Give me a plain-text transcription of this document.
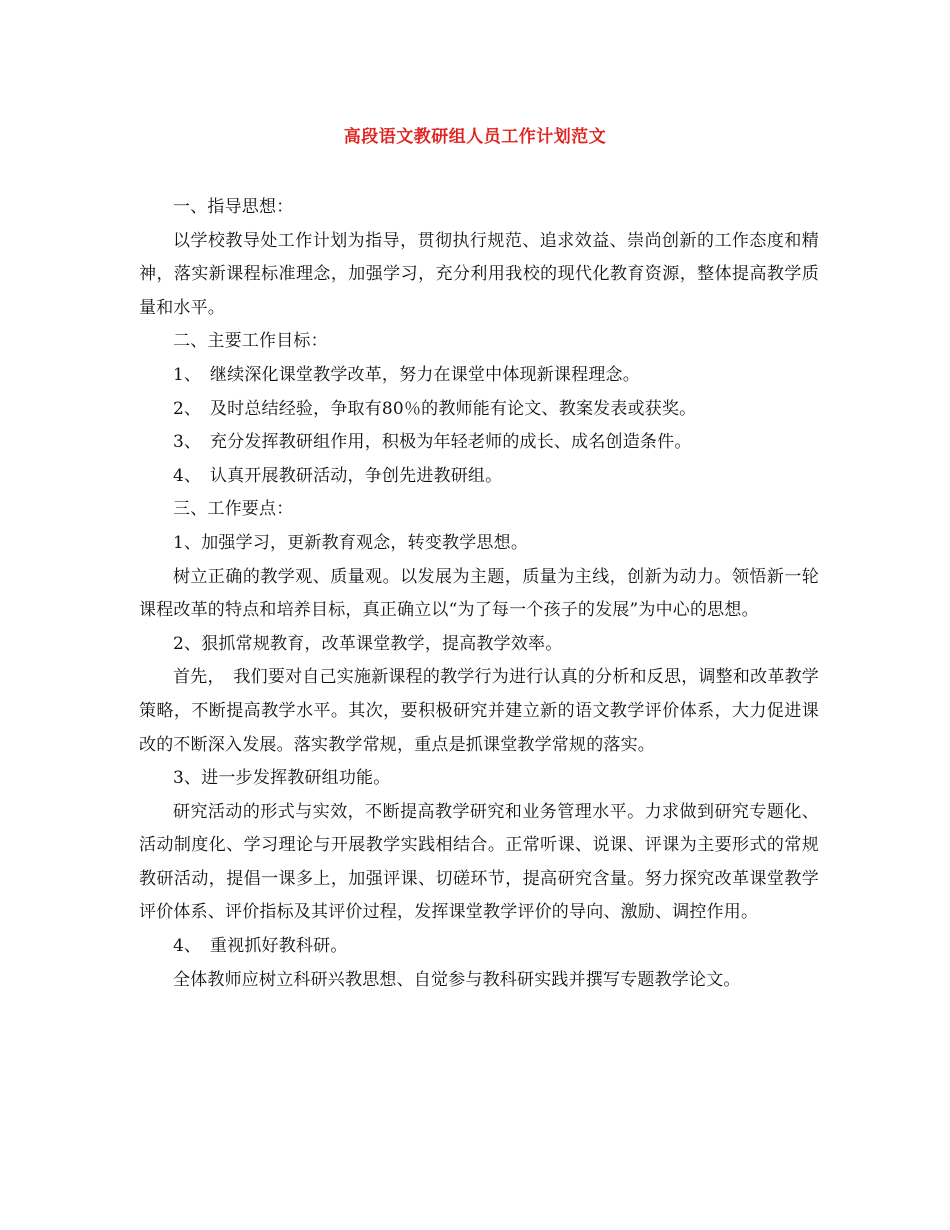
高段语文教研组人员工作计划范文

一、指导思想：

以学校教导处工作计划为指导，贯彻执行规范、追求效益、崇尚创新的工作态度和精神，落实新课程标准理念，加强学习，充分利用我校的现代化教育资源，整体提高教学质量和水平。

二、主要工作目标：

1、　继续深化课堂教学改革，努力在课堂中体现新课程理念。

2、　及时总结经验，争取有80％的教师能有论文、教案发表或获奖。

3、　充分发挥教研组作用，积极为年轻老师的成长、成名创造条件。

4、　认真开展教研活动，争创先进教研组。

三、工作要点：

1、加强学习，更新教育观念，转变教学思想。

树立正确的教学观、质量观。以发展为主题，质量为主线，创新为动力。领悟新一轮课程改革的特点和培养目标，真正确立以“为了每一个孩子的发展”为中心的思想。

2、狠抓常规教育，改革课堂教学，提高教学效率。

首先，　我们要对自己实施新课程的教学行为进行认真的分析和反思，调整和改革教学策略，不断提高教学水平。其次，要积极研究并建立新的语文教学评价体系，大力促进课改的不断深入发展。落实教学常规，重点是抓课堂教学常规的落实。

3、进一步发挥教研组功能。

研究活动的形式与实效，不断提高教学研究和业务管理水平。力求做到研究专题化、活动制度化、学习理论与开展教学实践相结合。正常听课、说课、评课为主要形式的常规教研活动，提倡一课多上，加强评课、切磋环节，提高研究含量。努力探究改革课堂教学评价体系、评价指标及其评价过程，发挥课堂教学评价的导向、激励、调控作用。

4、　重视抓好教科研。

全体教师应树立科研兴教思想、自觉参与教科研实践并撰写专题教学论文。
